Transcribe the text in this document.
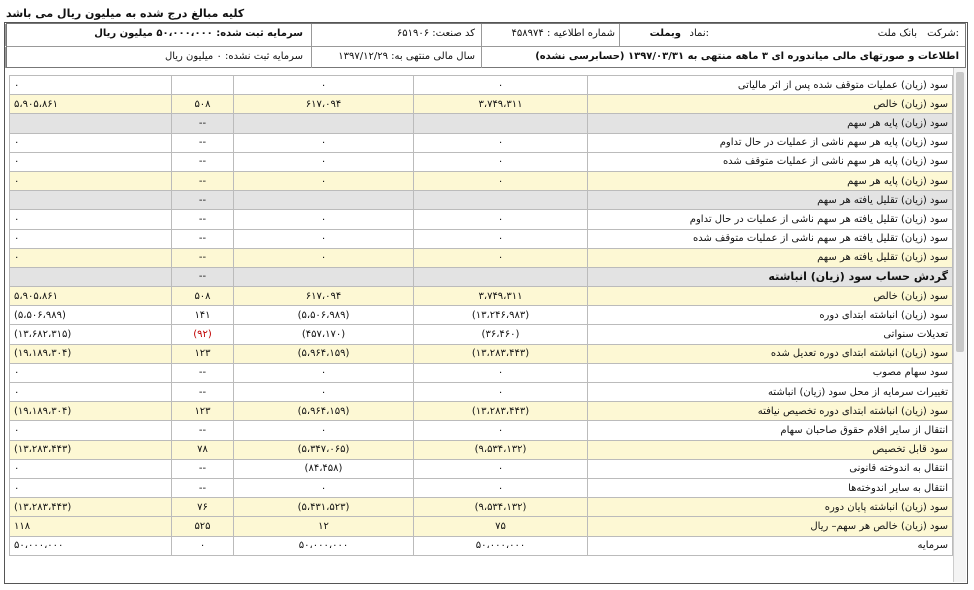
کلیه مبالغ درج شده به میلیون ریال می باشد
شرکت:
بانک ملت
نماد:
وبملت
شماره اطلاعیه : ۴۵۸۹۷۴
کد صنعت: ۶۵۱۹۰۶
سرمایه ثبت شده: ۵۰،۰۰۰،۰۰۰ میلیون ریال
اطلاعات و صورتهای مالی میاندوره ای ۳ ماهه منتهی به ۱۳۹۷/۰۳/۳۱ (حسابرسی نشده)
سال مالی منتهی به: ۱۳۹۷/۱۲/۲۹
سرمایه ثبت نشده: ۰ میلیون ریال
۰		۰	۰	سود (زیان) عملیات متوقف شده پس از اثر مالیاتی
۵،۹۰۵،۸۶۱	۵۰۸	۶۱۷،۰۹۴	۳،۷۴۹،۳۱۱	سود (زیان) خالص
	--			سود (زیان) پایه هر سهم
۰	--	۰	۰	سود (زیان) پایه هر سهم ناشی از عملیات در حال تداوم
۰	--	۰	۰	سود (زیان) پایه هر سهم ناشی از عملیات متوقف شده
۰	--	۰	۰	سود (زیان) پایه هر سهم
	--			سود (زیان) تقلیل یافته هر سهم
۰	--	۰	۰	سود (زیان) تقلیل یافته هر سهم ناشی از عملیات در حال تداوم
۰	--	۰	۰	سود (زیان) تقلیل یافته هر سهم ناشی از عملیات متوقف شده
۰	--	۰	۰	سود (زیان) تقلیل یافته هر سهم
	--			گردش حساب سود (زیان) انباشته
۵،۹۰۵،۸۶۱	۵۰۸	۶۱۷،۰۹۴	۳،۷۴۹،۳۱۱	سود (زیان) خالص
(۵،۵۰۶،۹۸۹)	۱۴۱	(۵،۵۰۶،۹۸۹)	(۱۳،۲۴۶،۹۸۳)	سود (زیان) انباشته ابتدای دوره
(۱۳،۶۸۲،۳۱۵)	(۹۲)	(۴۵۷،۱۷۰)	(۳۶،۴۶۰)	تعدیلات سنواتی
(۱۹،۱۸۹،۳۰۴)	۱۲۳	(۵،۹۶۴،۱۵۹)	(۱۳،۲۸۳،۴۴۳)	سود (زیان) انباشته ابتدای دوره تعدیل شده
۰	--	۰	۰	سود سهام مصوب
۰	--	۰	۰	تغییرات سرمایه از محل سود (زیان) انباشته
(۱۹،۱۸۹،۳۰۴)	۱۲۳	(۵،۹۶۴،۱۵۹)	(۱۳،۲۸۳،۴۴۳)	سود (زیان) انباشته ابتدای دوره تخصیص نیافته
۰	--	۰	۰	انتقال از سایر اقلام حقوق صاحبان سهام
(۱۳،۲۸۳،۴۴۳)	۷۸	(۵،۳۴۷،۰۶۵)	(۹،۵۳۴،۱۳۲)	سود قابل تخصیص
۰	--	(۸۴،۴۵۸)	۰	انتقال به اندوخته قانونی
۰	--	۰	۰	انتقال به سایر اندوخته‌ها
(۱۳،۲۸۳،۴۴۳)	۷۶	(۵،۴۳۱،۵۲۳)	(۹،۵۳۴،۱۳۲)	سود (زیان) انباشته پایان دوره
۱۱۸	۵۲۵	۱۲	۷۵	سود (زیان) خالص هر سهم– ریال
۵۰،۰۰۰،۰۰۰	۰	۵۰،۰۰۰،۰۰۰	۵۰،۰۰۰،۰۰۰	سرمایه
